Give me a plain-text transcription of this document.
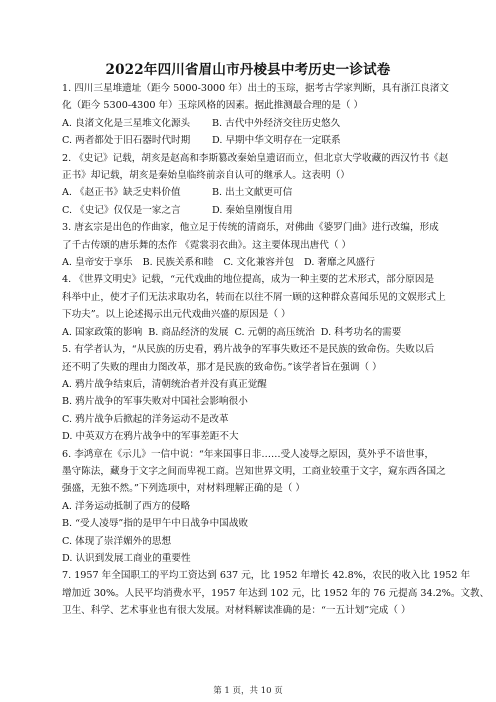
2022年四川省眉山市丹棱县中考历史一诊试卷
1. 四川三星堆遗址（距今 5000-3000 年）出土的玉琮，据考古学家判断，具有浙江良渚文
化（距今 5300-4300 年）玉琮风格的因素。据此推测最合理的是（ ）
A. 良渚文化是三星堆文化源头	B. 古代中外经济交往历史悠久
C. 两者都处于旧石器时代时期	D. 早期中华文明存在一定联系
2. 《史记》记载，胡亥是赵高和李斯篡改秦始皇遗诏而立，但北京大学收藏的西汉竹书《赵
正书》却记载，胡亥是秦始皇临终前亲自认可的继承人。这表明（）
A. 《赵正书》缺乏史料价值	B. 出土文献更可信
C. 《史记》仅仅是一家之言	D. 秦始皇刚愎自用
3. 唐玄宗是出色的作曲家，他立足于传统的清商乐，对佛曲《婆罗门曲》进行改编，形成
了千古传颂的唐乐舞的杰作 《霓裳羽衣曲》。这主要体现出唐代（ ）
A. 皇帝安于享乐 B. 民族关系和睦 C. 文化兼容并包 D. 奢靡之风盛行
4. 《世界文明史》记载，“元代戏曲的地位提高，成为一种主要的艺术形式，部分原因是
科举中止，使才子们无法求取功名，转而在以往不屑一顾的这种群众喜闻乐见的文娱形式上
下功夫”。以上论述揭示出元代戏曲兴盛的原因是（ ）
A. 国家政策的影响 B. 商品经济的发展 C. 元朝的高压统治 D. 科考功名的需要
5. 有学者认为，“从民族的历史看，鸦片战争的军事失败还不是民族的致命伤。失败以后
还不明了失败的理由力图改革，那才是民族的致命伤。”该学者旨在强调（ ）
A. 鸦片战争结束后，清朝统治者并没有真正觉醒
B. 鸦片战争的军事失败对中国社会影响很小
C. 鸦片战争后掀起的洋务运动不是改革
D. 中英双方在鸦片战争中的军事差距不大
6. 李鸿章在《示儿》一信中说：“年来国事日非……受人凌辱之原因，莫外乎不谙世事，
墨守陈法，藏身于文字之间而卑视工商。岂知世界文明，工商业较重于文字，窥东西各国之
强盛，无独不然。”下列选项中，对材料理解正确的是（ ）
A. 洋务运动抵制了西方的侵略
B. “受人凌辱”指的是甲午中日战争中国战败
C. 体现了崇洋媚外的思想
D. 认识到发展工商业的重要性
7. 1957 年全国职工的平均工资达到 637 元，比 1952 年增长 42.8%，农民的收入比 1952 年
增加近 30%。人民平均消费水平，1957 年达到 102 元，比 1952 年的 76 元提高 34.2%。文教、
卫生、科学、艺术事业也有很大发展。对材料解读准确的是：“一五计划”完成（ ）
第 1 页，共 10 页
